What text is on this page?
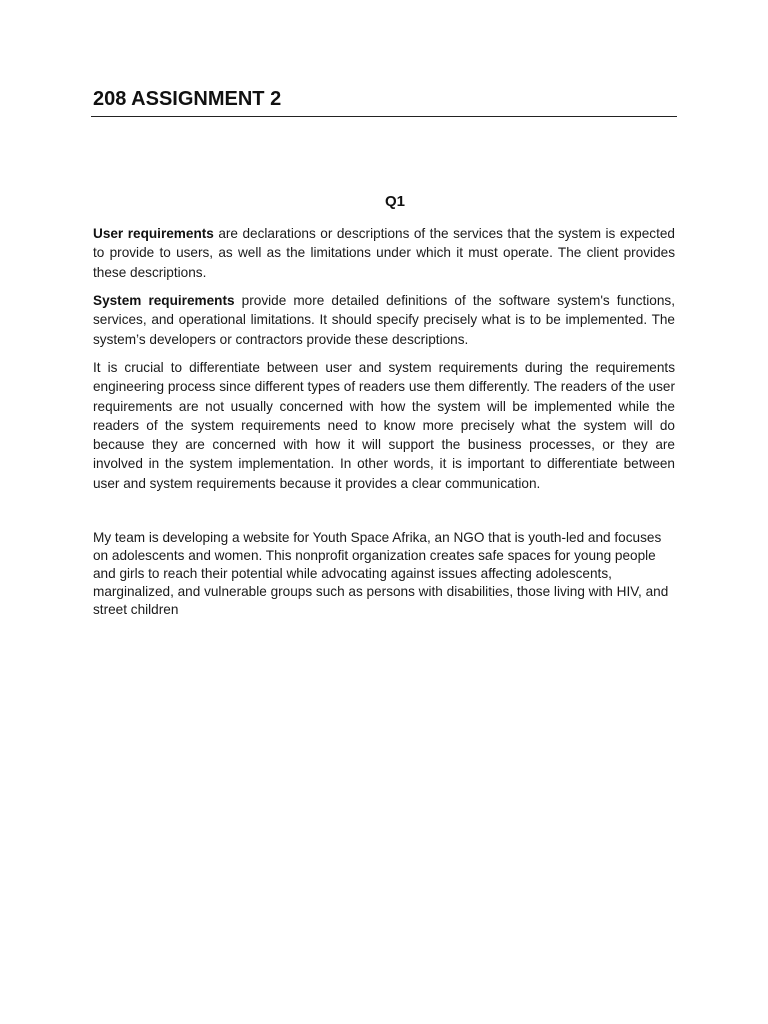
208 ASSIGNMENT 2
Q1

User requirements are declarations or descriptions of the services that the system is expected to provide to users, as well as the limitations under which it must operate. The client provides these descriptions.

System requirements provide more detailed definitions of the software system's functions, services, and operational limitations. It should specify precisely what is to be implemented. The system’s developers or contractors provide these descriptions.

It is crucial to differentiate between user and system requirements during the requirements engineering process since different types of readers use them differently. The readers of the user requirements are not usually concerned with how the system will be implemented while the readers of the system requirements need to know more precisely what the system will do because they are concerned with how it will support the business processes, or they are involved in the system implementation. In other words, it is important to differentiate between user and system requirements because it provides a clear communication.

My team is developing a website for Youth Space Afrika, an NGO that is youth-led and focuses on adolescents and women. This nonprofit organization creates safe spaces for young people and girls to reach their potential while advocating against issues affecting adolescents, marginalized, and vulnerable groups such as persons with disabilities, those living with HIV, and street children
